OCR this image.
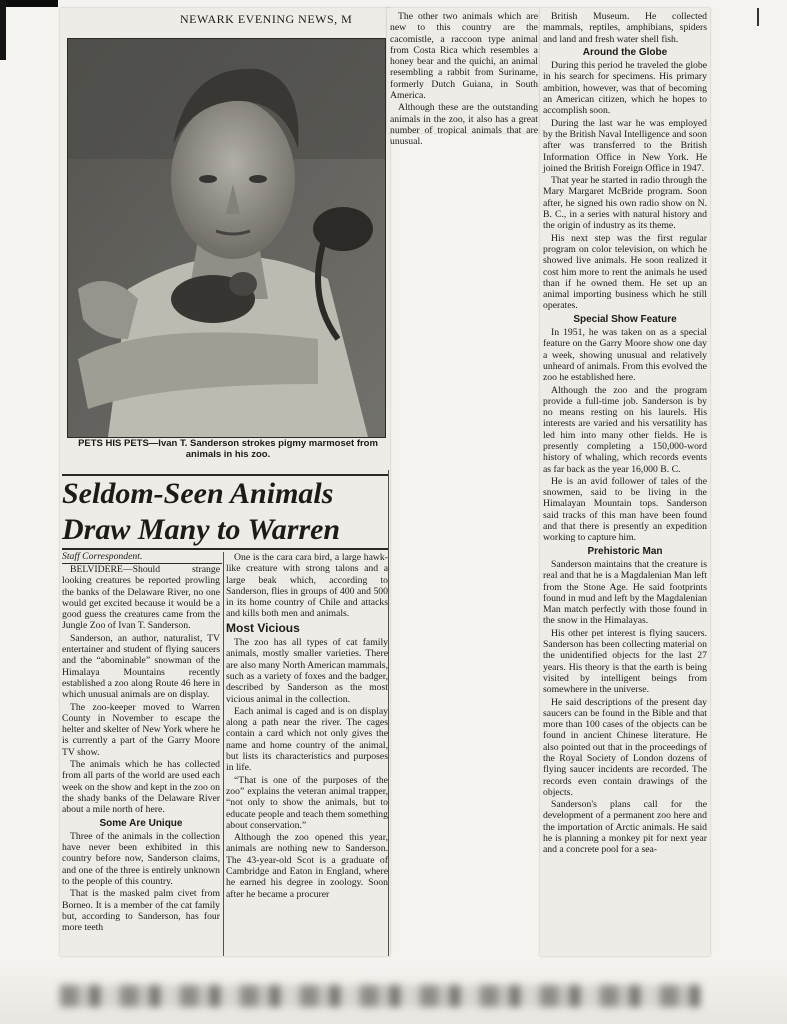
NEWARK EVENING NEWS, M
PETS HIS PETS—Ivan T. Sanderson strokes pigmy marmoset from animals in his zoo.
Seldom-Seen Animals
Draw Many to Warren
Staff Correspondent.

BELVIDERE—Should strange looking creatures be reported prowling the banks of the Delaware River, no one would get excited because it would be a good guess the creatures came from the Jungle Zoo of Ivan T. Sanderson.

Sanderson, an author, naturalist, TV entertainer and student of flying saucers and the “abominable” snowman of the Himalaya Mountains recently established a zoo along Route 46 here in which unusual animals are on display.

The zoo-keeper moved to Warren County in November to escape the helter and skelter of New York where he is currently a part of the Garry Moore TV show.

The animals which he has collected from all parts of the world are used each week on the show and kept in the zoo on the shady banks of the Delaware River about a mile north of here.

Some Are Unique

Three of the animals in the collection have never been exhibited in this country before now, Sanderson claims, and one of the three is entirely unknown to the people of this country.

That is the masked palm civet from Borneo. It is a member of the cat family but, according to Sanderson, has four more teeth

One is the cara cara bird, a large hawk-like creature with strong talons and a large beak which, according to Sanderson, flies in groups of 400 and 500 in its home country of Chile and attacks and kills both men and animals.

Most Vicious

The zoo has all types of cat family animals, mostly smaller varieties. There are also many North American mammals, such as a variety of foxes and the badger, described by Sanderson as the most vicious animal in the collection.

Each animal is caged and is on display along a path near the river. The cages contain a card which not only gives the name and home country of the animal, but lists its characteristics and purposes in life.

“That is one of the purposes of the zoo” explains the veteran animal trapper, “not only to show the animals, but to educate people and teach them something about conservation.”

Although the zoo opened this year, animals are nothing new to Sanderson. The 43-year-old Scot is a graduate of Cambridge and Eaton in England, where he earned his degree in zoology. Soon after he became a procurer

The other two animals which are new to this country are the cacomistle, a raccoon type animal from Costa Rica which resembles a honey bear and the quichi, an animal resembling a rabbit from Suriname, formerly Dutch Guiana, in South America.

Although these are the outstanding animals in the zoo, it also has a great number of tropical animals that are unusual.

British Museum. He collected mammals, reptiles, amphibians, spiders and land and fresh water shell fish.

Around the Globe

During this period he traveled the globe in his search for specimens. His primary ambition, however, was that of becoming an American citizen, which he hopes to accomplish soon.

During the last war he was employed by the British Naval Intelligence and soon after was transferred to the British Information Office in New York. He joined the British Foreign Office in 1947.

That year he started in radio through the Mary Margaret McBride program. Soon after, he signed his own radio show on N. B. C., in a series with natural history and the origin of industry as its theme.

His next step was the first regular program on color television, on which he showed live animals. He soon realized it cost him more to rent the animals he used than if he owned them. He set up an animal importing business which he still operates.

Special Show Feature

In 1951, he was taken on as a special feature on the Garry Moore show one day a week, showing unusual and relatively unheard of animals. From this evolved the zoo he established here.

Although the zoo and the program provide a full-time job. Sanderson is by no means resting on his laurels. His interests are varied and his versatility has led him into many other fields. He is presently completing a 150,000-word history of whaling, which records events as far back as the year 16,000 B. C.

He is an avid follower of tales of the snowmen, said to be living in the Himalayan Mountain tops. Sanderson said tracks of this man have been found and that there is presently an expedition working to capture him.

Prehistoric Man

Sanderson maintains that the creature is real and that he is a Magdalenian Man left from the Stone Age. He said footprints found in mud and left by the Magdalenian Man match perfectly with those found in the snow in the Himalayas.

His other pet interest is flying saucers. Sanderson has been collecting material on the unidentified objects for the last 27 years. His theory is that the earth is being visited by intelligent beings from somewhere in the universe.

He said descriptions of the present day saucers can be found in the Bible and that more than 100 cases of the objects can be found in ancient Chinese literature. He also pointed out that in the proceedings of the Royal Society of London dozens of flying saucer incidents are recorded. The records even contain drawings of the objects.

Sanderson's plans call for the development of a permanent zoo here and the importation of Arctic animals. He said he is planning a monkey pit for next year and a concrete pool for a sea-
